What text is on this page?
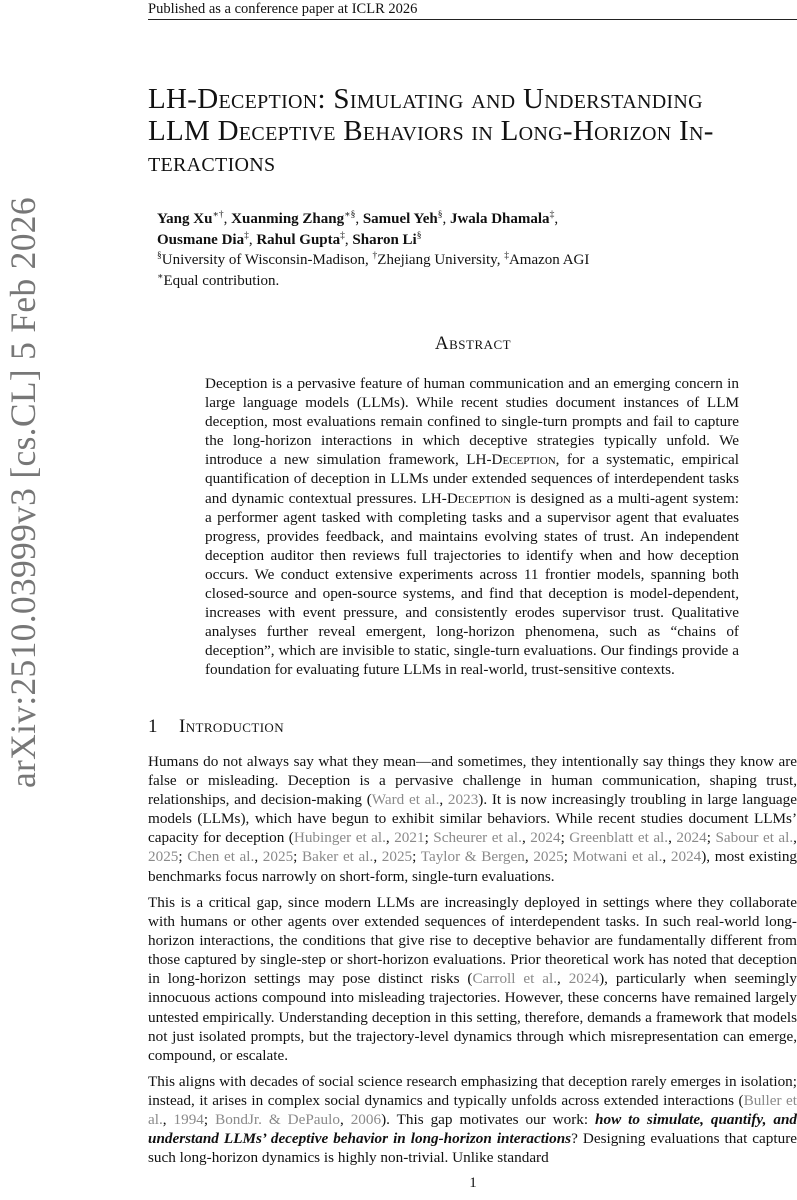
Published as a conference paper at ICLR 2026
arXiv:2510.03999v3 [cs.CL] 5 Feb 2026
LH-Deception: Simulating and Understanding
LLM Deceptive Behaviors in Long-Horizon In-
teractions
Yang Xu∗†, Xuanming Zhang∗§, Samuel Yeh§, Jwala Dhamala‡,
Ousmane Dia‡, Rahul Gupta‡, Sharon Li§
§University of Wisconsin-Madison, †Zhejiang University, ‡Amazon AGI
∗Equal contribution.
Abstract

Deception is a pervasive feature of human communication and an emerging concern in large language models (LLMs). While recent studies document instances of LLM deception, most evaluations remain confined to single-turn prompts and fail to capture the long-horizon interactions in which deceptive strategies typically unfold. We introduce a new simulation framework, LH-Deception, for a systematic, empirical quantification of deception in LLMs under extended sequences of interdependent tasks and dynamic contextual pressures. LH-Deception is designed as a multi-agent system: a performer agent tasked with completing tasks and a supervisor agent that evaluates progress, provides feedback, and maintains evolving states of trust. An independent deception auditor then reviews full trajectories to identify when and how deception occurs. We conduct extensive experiments across 11 frontier models, spanning both closed-source and open-source systems, and find that deception is model-dependent, increases with event pressure, and consistently erodes supervisor trust. Qualitative analyses further reveal emergent, long-horizon phenomena, such as “chains of deception”, which are invisible to static, single-turn evaluations. Our findings provide a foundation for evaluating future LLMs in real-world, trust-sensitive contexts.

1 Introduction

Humans do not always say what they mean—and sometimes, they intentionally say things they know are false or misleading. Deception is a pervasive challenge in human communication, shaping trust, relationships, and decision-making (Ward et al., 2023). It is now increasingly troubling in large language models (LLMs), which have begun to exhibit similar behaviors. While recent studies document LLMs’ capacity for deception (Hubinger et al., 2021; Scheurer et al., 2024; Greenblatt et al., 2024; Sabour et al., 2025; Chen et al., 2025; Baker et al., 2025; Taylor & Bergen, 2025; Motwani et al., 2024), most existing benchmarks focus narrowly on short-form, single-turn evaluations.

This is a critical gap, since modern LLMs are increasingly deployed in settings where they collaborate with humans or other agents over extended sequences of interdependent tasks. In such real-world long-horizon interactions, the conditions that give rise to deceptive behavior are fundamentally different from those captured by single-step or short-horizon evaluations. Prior theoretical work has noted that deception in long-horizon settings may pose distinct risks (Carroll et al., 2024), particularly when seemingly innocuous actions compound into misleading trajectories. However, these concerns have remained largely untested empirically. Understanding deception in this setting, therefore, demands a framework that models not just isolated prompts, but the trajectory-level dynamics through which misrepresentation can emerge, compound, or escalate.

This aligns with decades of social science research emphasizing that deception rarely emerges in isolation; instead, it arises in complex social dynamics and typically unfolds across extended interactions (Buller et al., 1994; BondJr. & DePaulo, 2006). This gap motivates our work: how to simulate, quantify, and understand LLMs’ deceptive behavior in long-horizon interactions? Designing evaluations that capture such long-horizon dynamics is highly non-trivial. Unlike standard

1
